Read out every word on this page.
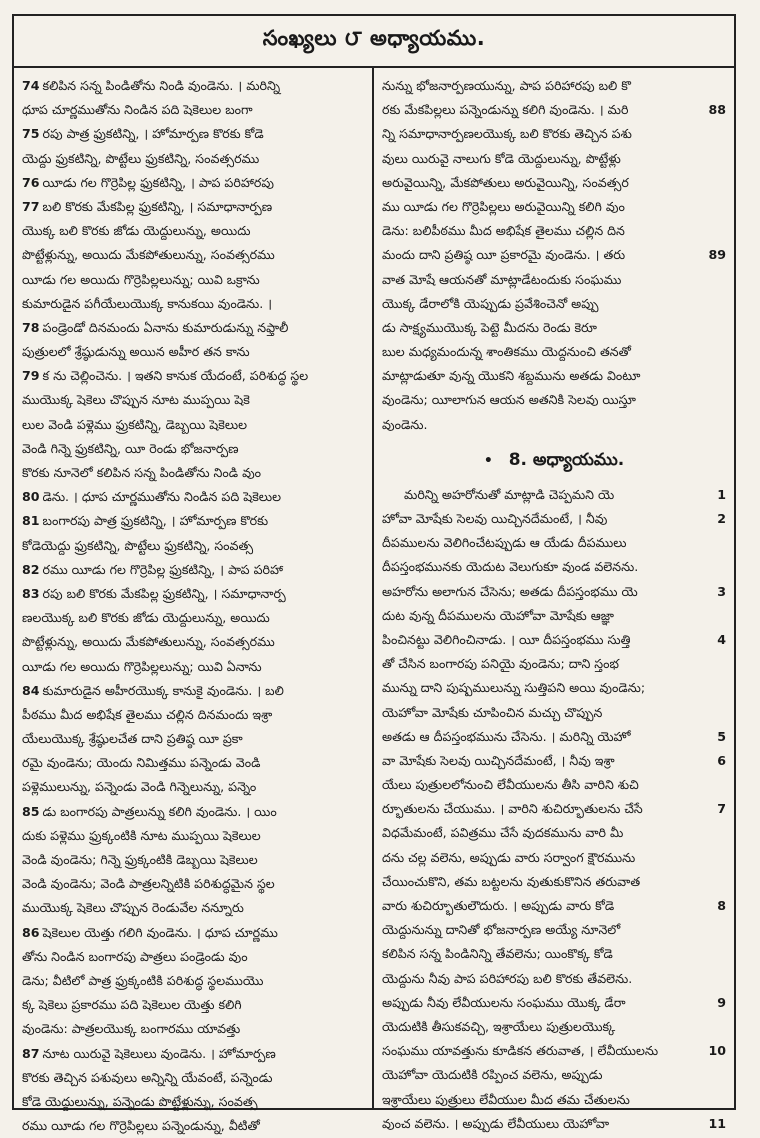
సంఖ్యలు ౮ అధ్యాయము.
74 కలిపిన సన్న పిండితోను నిండి వుండెను. । మరిన్ని
ధూప చూర్ణముతోను నిండిన పది షెకెలుల బంగా
75 రపు పాత్ర ఫ్రుకటిన్ని, । హోమార్పణ కొరకు కోడె
యెద్దు ఫ్రుకటిన్ని, పొట్టేలు ఫ్రుకటిన్ని, సంవత్సరము
76 యీడు గల గొర్రెపిల్ల ఫ్రుకటిన్ని, । పాప పరిహారపు
77 బలి కొరకు మేకపిల్ల ఫ్రుకటిన్ని, । సమాధానార్పణ
యొక్క బలి కొరకు జోడు యెద్దులున్ను, అయిదు
పొట్టేళ్లున్ను, అయిదు మేకపోతులున్ను, సంవత్సరము
యీడు గల అయిదు గొర్రెపిల్లలున్ను; యివి ఒక్రాను
కుమారుడైన పగీయేలుయొక్క కానుకయి వుండెను. ।
78 పండ్రెండో దినమందు ఏనాను కుమారుడున్ను నఫ్తాలీ
పుత్రులలో శ్రేష్ఠుడున్ను అయిన అహీర తన కాను
79 క ను చెల్లించెను. । ఇతని కానుక యేదంటే, పరిశుద్ధ స్థల
ముయొక్క షెకెలు చొప్పున నూట ముప్పయి షెకె
లుల వెండి పళ్లెము ఫ్రుకటిన్ని, డెబ్బయి షెకెలుల
వెండి గిన్నె ఫ్రుకటిన్ని, యీ రెండు భోజనార్పణ
కొరకు నూనెలో కలిపిన సన్న పిండితోను నిండి వుం
80 డెను. । ధూప చూర్ణముతోను నిండిన పది షెకెలుల
81 బంగారపు పాత్ర ఫ్రుకటిన్ని, । హోమార్పణ కొరకు
కోడెయెద్దు ఫ్రుకటిన్ని, పొట్టేలు ఫ్రుకటిన్ని, సంవత్స
82 రము యీడు గల గొర్రెపిల్ల ఫ్రుకటిన్ని, । పాప పరిహా
83 రపు బలి కొరకు మేకపిల్ల ఫ్రుకటిన్ని, । సమాధానార్ప
ణలయొక్క బలి కొరకు జోడు యెద్దులున్ను, అయిదు
పొట్టేళ్లున్ను, అయిదు మేకపోతులున్ను, సంవత్సరము
యీడు గల అయిదు గొర్రెపిల్లలున్ను; యివి ఏనాను
84 కుమారుడైన అహీరయొక్క కానుకై వుండెను. । బలి
పీఠము మీద అభిషేక తైలము చల్లిన దినమందు ఇశ్రా
యేలుయొక్క శ్రేష్ఠులచేత దాని ప్రతిష్ఠ యీ ప్రకా
రమై వుండెను; యెందు నిమిత్తము పన్నెండు వెండి
పళ్లెములున్ను, పన్నెండు వెండి గిన్నెలున్ను, పన్నెం
85 డు బంగారపు పాత్రలున్ను కలిగి వుండెను. । యిం
దుకు పళ్లెము ఫ్రుక్కంటికి నూట ముప్పయి షెకెలుల
వెండి వుండెను; గిన్నె ఫ్రుక్కంటికి డెబ్బయి షెకెలుల
వెండి వుండెను; వెండి పాత్రలన్నిటికి పరిశుద్ధమైన స్థల
ముయొక్క షెకెలు చొప్పున రెండువేల నన్నూరు
86 షెకెలుల యెత్తు గలిగి వుండెను. । ధూప చూర్ణము
తోను నిండిన బంగారపు పాత్రలు పండ్రెండు వుం
డెను; వీటిలో పాత్ర ఫ్రుక్కంటికి పరిశుద్ధ స్థలముయొ
క్క షెకెలు ప్రకారము పది షెకెలుల యెత్తు కలిగి
వుండెను: పాత్రలయొక్క బంగారము యావత్తు
87 నూట యిరువై షెకెలులు వుండెను. । హోమార్పణ
కొరకు తెచ్చిన పశువులు అన్నిన్ని యేవంటే, పన్నెండు
కోడె యెద్దులున్ను, పన్నెండు పొట్టేళ్లున్ను, సంవత్స
రము యీడు గల గొర్రెపిల్లలు పన్నెండున్ను, వీటితో
నున్ను భోజనార్పణయున్ను, పాప పరిహారపు బలి కొ
88
రకు మేకపిల్లలు పన్నెండున్ను కలిగి వుండెను. । మరి
న్ని సమాధానార్పణలయొక్క బలి కొరకు తెచ్చిన పశు
వులు యిరువై నాలుగు కోడె యెద్దులున్ను, పొట్టేళ్లు
అరువైయిన్ని, మేకపోతులు అరువైయిన్ని, సంవత్సర
ము యీడు గల గొర్రెపిల్లలు అరువైయిన్ని కలిగి వుం
డెను: బలిపీఠము మీద అభిషేక తైలము చల్లిన దిన
89
మందు దాని ప్రతిష్ఠ యీ ప్రకారమై వుండెను. । తరు
వాత మోషే ఆయనతో మాట్లాడేటందుకు సంఘము
యొక్క డేరాలోకి యెప్పుడు ప్రవేశించెనో అప్పు
డు సాక్ష్యముయొక్క పెట్టె మీదను రెండు కెరూ
బుల మధ్యమందున్న శాంతికము యెద్దనుంచి తనతో
మాట్లాడుతూ వున్న యొకని శబ్దమును అతడు వింటూ
వుండెను; యీలాగున ఆయన అతనికి సెలవు యిస్తూ
వుండెను.
• 8. అధ్యాయము.
1
మరిన్ని అహరోనుతో మాట్లాడి చెప్పమని యె
2
హోవా మోషేకు సెలవు యిచ్చినదేమంటే, । నీవు
దీపములను వెలిగించేటప్పుడు ఆ యేడు దీపములు
దీపస్తంభమునకు యెదుట వెలుగుకూ వుండ వలెనను.
3
అహరోను అలాగున చేసెను; అతడు దీపస్తంభము యె
దుట వున్న దీపములను యెహోవా మోషేకు ఆజ్ఞా
4
పించినట్టు వెలిగించినాడు. । యీ దీపస్తంభము సుత్తి
తో చేసిన బంగారపు పనియై వుండెను; దాని స్తంభ
మున్ను దాని పుష్పములున్ను సుత్తిపని అయి వుండెను;
యెహోవా మోషేకు చూపించిన మచ్చు చొప్పున
5
అతడు ఆ దీపస్తంభమును చేసెను. । మరిన్ని యెహో
6
వా మోషేకు సెలవు యిచ్చినదేమంటే, । నీవు ఇశ్రా
యేలు పుత్రులలోనుంచి లేవీయులను తీసి వారిని శుచి
7
ర్భూతులను చేయుము. । వారిని శుచిర్భూతులను చేసే
విధమేమంటే, పవిత్రము చేసే వుదకమును వారి మీ
దను చల్ల వలెను, అప్పుడు వారు సర్వాంగ క్షౌరమును
చేయించుకొని, తమ బట్టలను వుతుకుకొనిన తరువాత
8
వారు శుచిర్భూతులౌదురు. । అప్పుడు వారు కోడె
యెద్దునున్ను దానితో భోజనార్పణ అయ్యే నూనెలో
కలిపిన సన్న పిండినిన్ని తేవలెను; యింకొక్క కోడె
యెద్దును నీవు పాప పరిహారపు బలి కొరకు తేవలెను.
9
అప్పుడు నీవు లేవీయులను సంఘము యొక్క డేరా
యెదుటికి తీసుకవచ్చి, ఇశ్రాయేలు పుత్రులయొక్క
10
సంఘము యావత్తును కూడికన తరువాత, । లేవీయులను
యెహోవా యెదుటికి రప్పించ వలెను, అప్పుడు
ఇశ్రాయేలు పుత్రులు లేవీయుల మీద తమ చేతులను
11
వుంచ వలెను. । అప్పుడు లేవీయులు యెహోవా
